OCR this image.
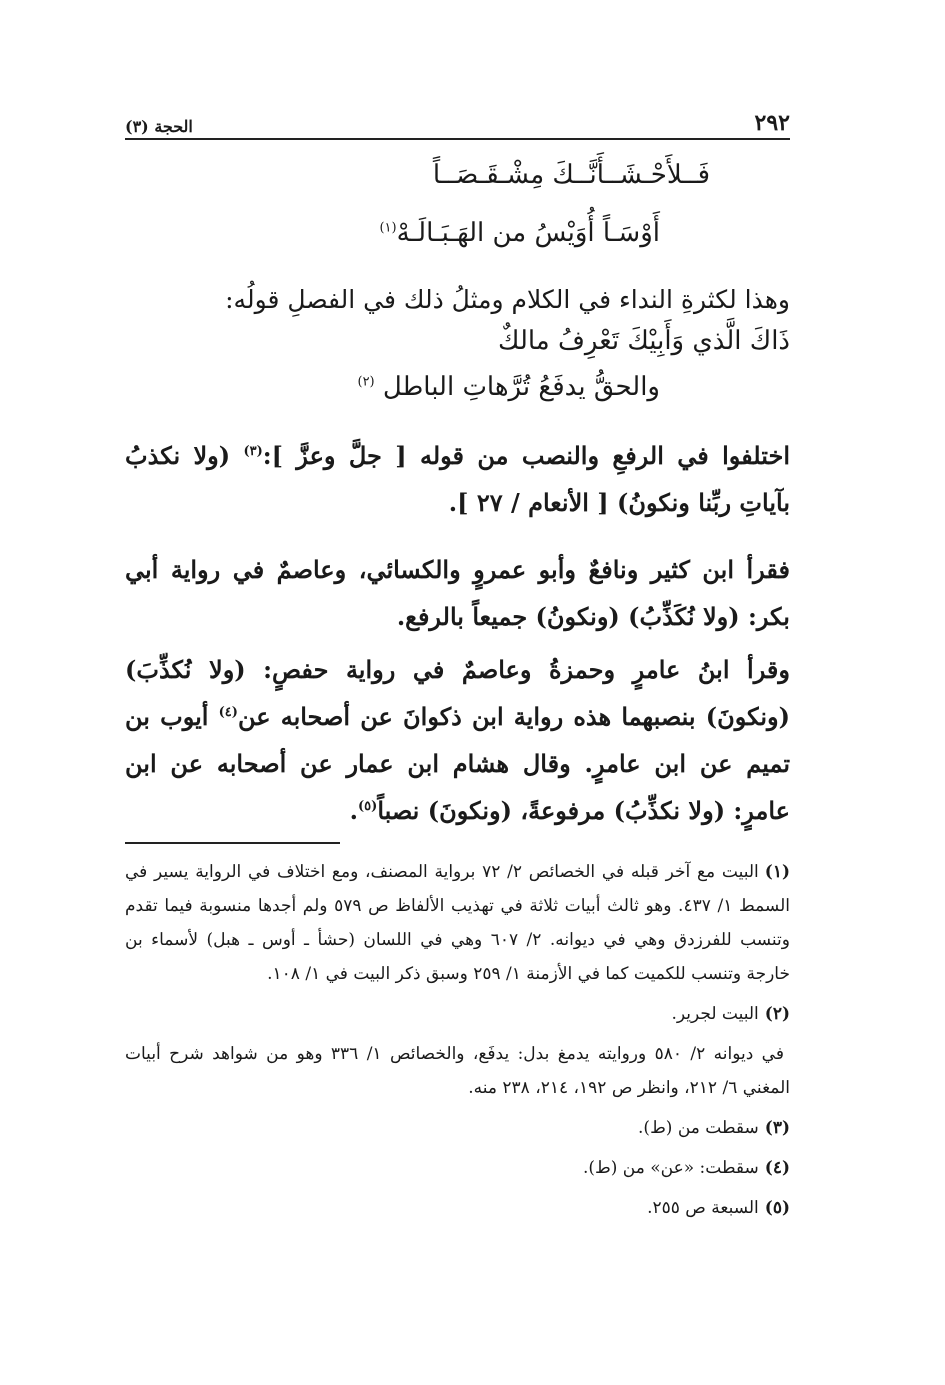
٢٩٢
الحجة (٣)
فَــلأَحْـشَــأَنَّــكَ مِشْـقَـصَــاً
أَوْسَـاً أُوَيْسُ من الهَـبَـالَـهْ$^{(١)}$

وهذا لكثرةِ النداء في الكلام ومثلُ ذلك في الفصلِ قولُه:

ذَاكَ الَّذي وَأَبِيْكَ تَعْرِفُ مالكٌ
والحقُّ يدفَعُ تُرَّهاتِ الباطل $^{(٢)}$

اختلفوا في الرفعِ والنصب من قوله [ جلَّ وعزَّ ]:$^{(٣)}$ (ولا نكذبُ بآياتِ ربِّنا ونكونُ) [ الأنعام / ٢٧ ].

فقرأ ابن كثير ونافعٌ وأبو عمروٍ والكسائي، وعاصمٌ في رواية أبي بكر: (ولا نُكَذِّبُ) (ونكونُ) جميعاً بالرفع.

وقرأ ابنُ عامرٍ وحمزةُ وعاصمٌ في رواية حفصٍ: (ولا نُكذِّبَ) (ونكونَ) بنصبهما هذه رواية ابن ذكوانَ عن أصحابه عن$^{(٤)}$ أيوب بن تميم عن ابن عامرٍ. وقال هشام ابن عمار عن أصحابه عن ابن عامرٍ: (ولا نكذِّبُ) مرفوعةً، (ونكونَ) نصباً$^{(٥)}$.

(١)البيت مع آخر قبله في الخصائص ٢/ ٧٢ برواية المصنف، ومع اختلاف في الرواية يسير في السمط ١/ ٤٣٧. وهو ثالث أبيات ثلاثة في تهذيب الألفاظ ص ٥٧٩ ولم أجدها منسوبة فيما تقدم وتنسب للفرزدق وهي في ديوانه. ٢/ ٦٠٧ وهي في اللسان (حشأ ـ أوس ـ هبل) لأسماء بن خارجة وتنسب للكميت كما في الأزمنة ١/ ٢٥٩ وسبق ذكر البيت في ١/ ١٠٨.

(٢)البيت لجرير.

في ديوانه ٢/ ٥٨٠ وروايته يدمغ بدل: يدفَع، والخصائص ١/ ٣٣٦ وهو من شواهد شرح أبيات المغني ٦/ ٢١٢، وانظر ص ١٩٢، ٢١٤، ٢٣٨ منه.

(٣)سقطت من (ط).

(٤)سقطت: «عن» من (ط).

(٥)السبعة ص ٢٥٥.
